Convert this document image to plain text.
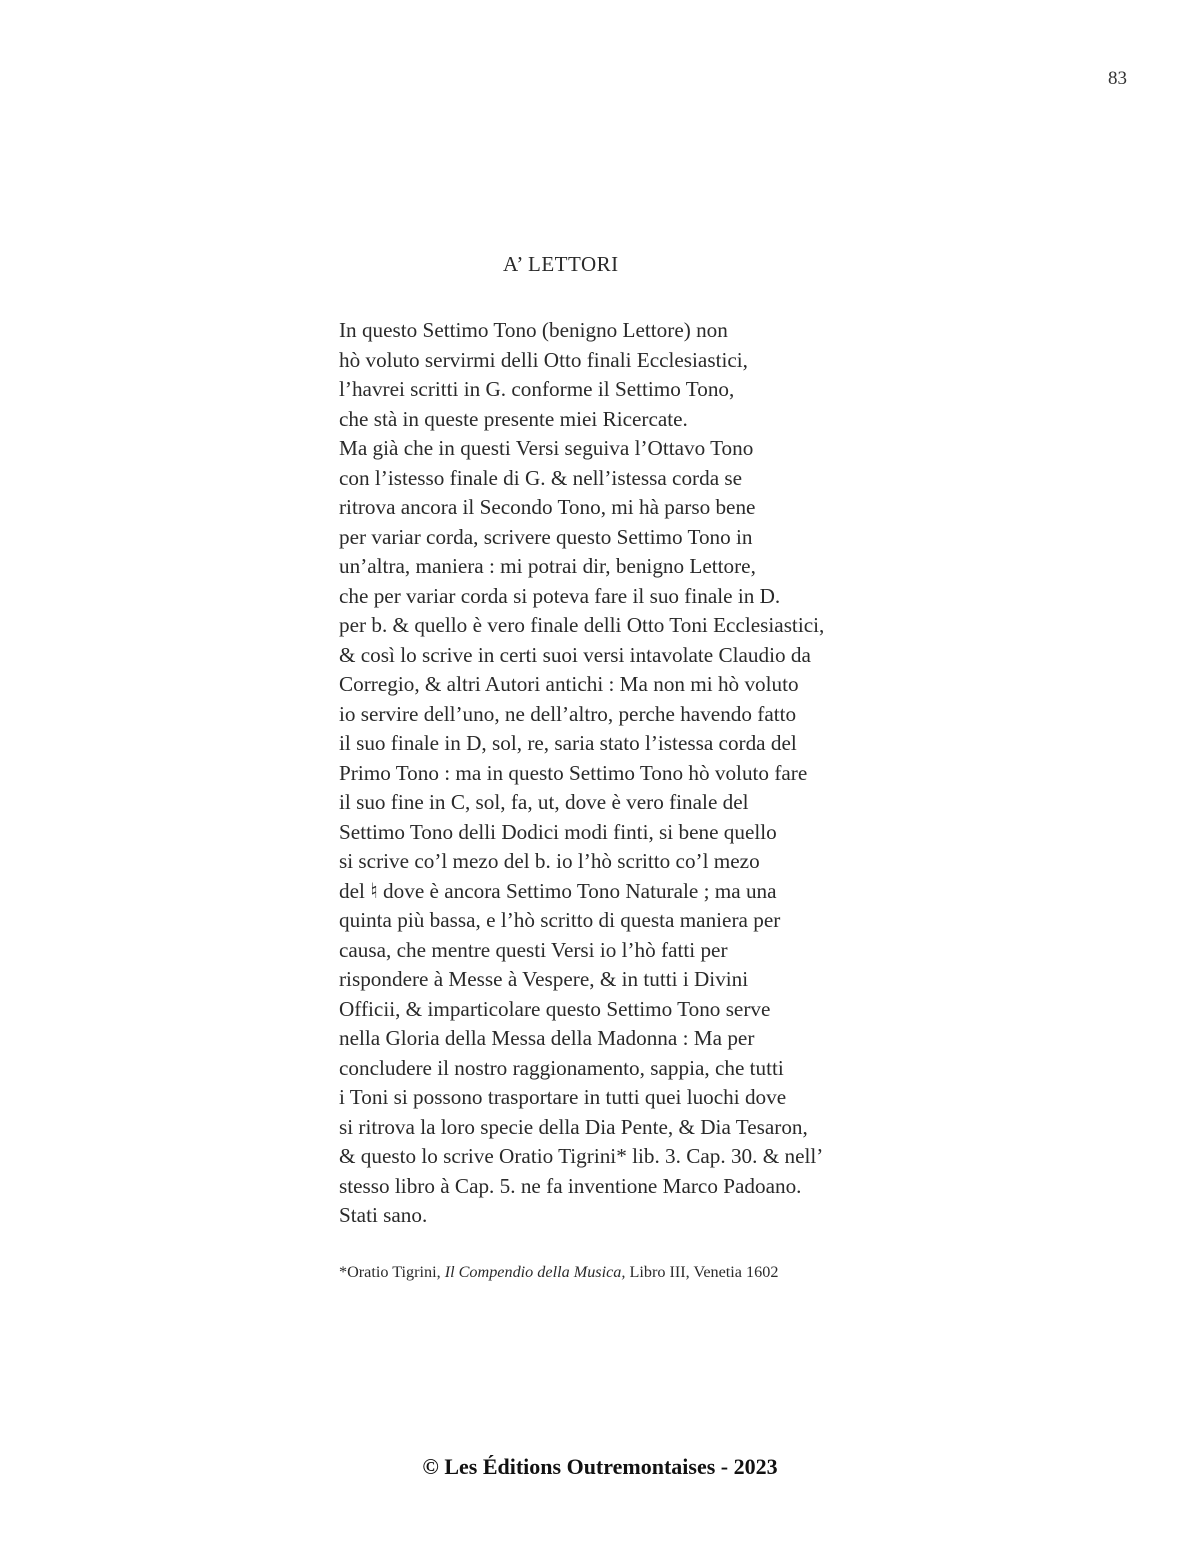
83
A’ LETTORI
In questo Settimo Tono (benigno Lettore) non
hò voluto servirmi delli Otto finali Ecclesiastici,
l’havrei scritti in G. conforme il Settimo Tono,
che stà in queste presente miei Ricercate.
Ma già che in questi Versi seguiva l’Ottavo Tono
con l’istesso finale di G. & nell’istessa corda se
ritrova ancora il Secondo Tono, mi hà parso bene
per variar corda, scrivere questo Settimo Tono in
un’altra, maniera : mi potrai dir, benigno Lettore,
che per variar corda si poteva fare il suo finale in D.
per b. & quello è vero finale delli Otto Toni Ecclesiastici,
& così lo scrive in certi suoi versi intavolate Claudio da
Corregio, & altri Autori antichi : Ma non mi hò voluto
io servire dell’uno, ne dell’altro, perche havendo fatto
il suo finale in D, sol, re, saria stato l’istessa corda del
Primo Tono : ma in questo Settimo Tono hò voluto fare
il suo fine in C, sol, fa, ut, dove è vero finale del
Settimo Tono delli Dodici modi finti, si bene quello
si scrive co’l mezo del b. io l’hò scritto co’l mezo
del ♮ dove è ancora Settimo Tono Naturale ; ma una
quinta più bassa, e l’hò scritto di questa maniera per
causa, che mentre questi Versi io l’hò fatti per
rispondere à Messe à Vespere, & in tutti i Divini
Officii, & imparticolare questo Settimo Tono serve
nella Gloria della Messa della Madonna : Ma per
concludere il nostro raggionamento, sappia, che tutti
i Toni si possono trasportare in tutti quei luochi dove
si ritrova la loro specie della Dia Pente, & Dia Tesaron,
& questo lo scrive Oratio Tigrini* lib. 3. Cap. 30. & nell’
stesso libro à Cap. 5. ne fa inventione Marco Padoano.
Stati sano.
*Oratio Tigrini, Il Compendio della Musica, Libro III, Venetia 1602
© Les Éditions Outremontaises - 2023
